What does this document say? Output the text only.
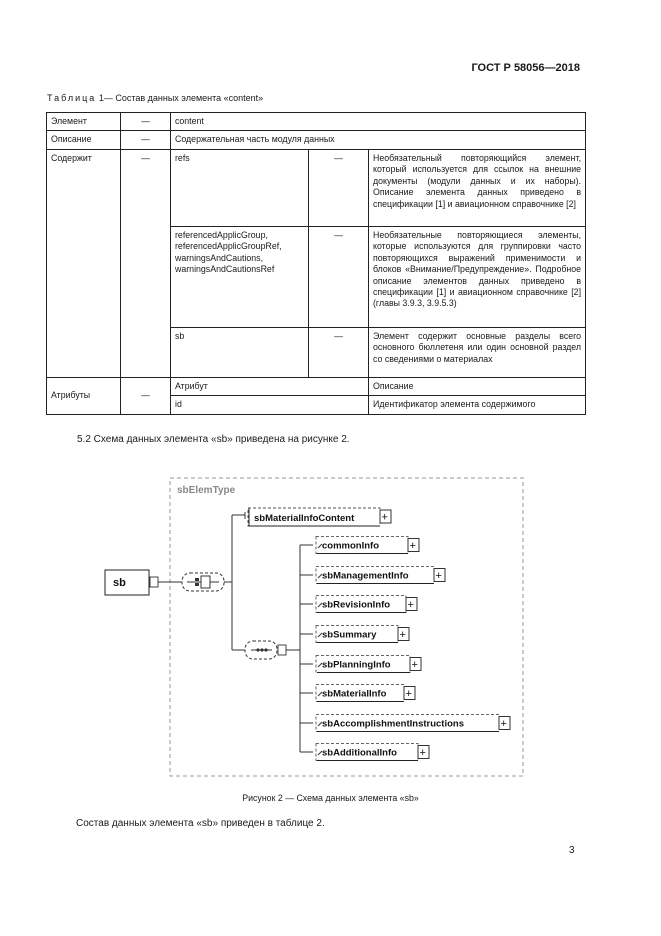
ГОСТ Р 58056—2018
Таблица 1— Состав данных элемента «content»
Элемент	—	content		
Описание	—	Содержательная часть модуля данных		
Содержит	—	refs	—	Необязательный повторяющийся элемент, который используется для ссылок на внешние документы (модули данных и их наборы). Описание элемента данных приведено в спецификации [1] и авиационном справочнике [2]
		referencedApplicGroup, referencedApplicGroupRef, warningsAndCautions, warningsAndCautionsRef	—	Необязательные повторяющиеся элементы, которые используются для группировки часто повторяющихся выражений применимости и блоков «Внимание/Предупреждение». Подробное описание элементов данных приведено в спецификации [1] и авиационном справочнике [2] (главы 3.9.3, 3.9.5.3)
		sb	—	Элемент содержит основные разделы всего основного бюллетеня или один основной раздел со сведениями о материалах
Атрибуты	—	Атрибут		Описание
		id		Идентификатор элемента содержимого
5.2 Схема данных элемента «sb» приведена на рисунке 2.
sbElemType
sb
sbMaterialInfoContent +
commonInfo	+
sbManagementInfo +
sbRevisionInfo +
sbSummary +
sbPlanningInfo +
sbMaterialInfo +
sbAccomplishmentInstructions	+
sbAdditionalInfo +
Рисунок 2 — Схема данных элемента «sb»
Состав данных элемента «sb» приведен в таблице 2.
3
